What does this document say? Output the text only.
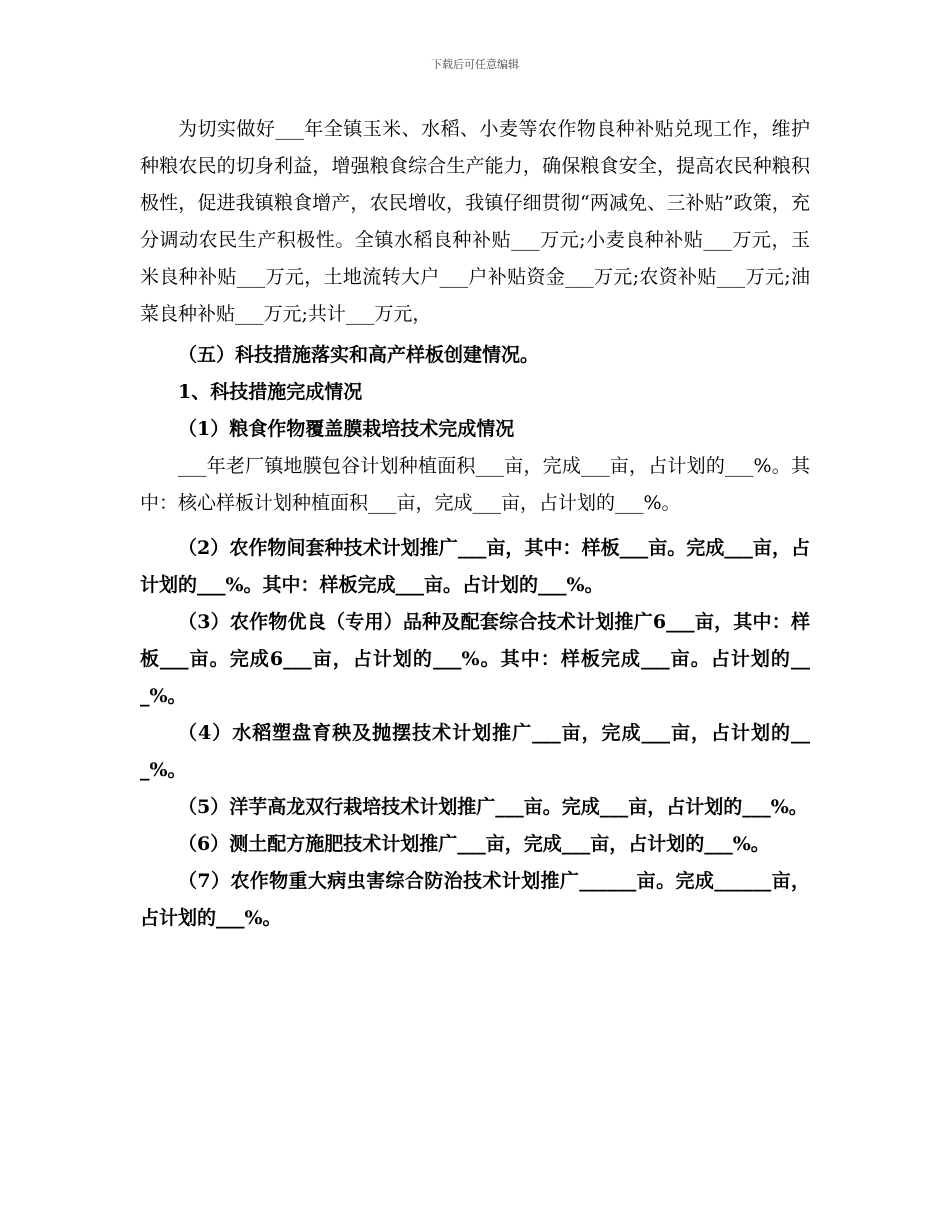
下载后可任意编辑

为切实做好___年全镇玉米、水稻、小麦等农作物良种补贴兑现工作，维护种粮农民的切身利益，增强粮食综合生产能力，确保粮食安全，提高农民种粮积极性，促进我镇粮食增产，农民增收，我镇仔细贯彻“两减免、三补贴”政策，充分调动农民生产积极性。全镇水稻良种补贴___万元;小麦良种补贴___万元，玉米良种补贴___万元，土地流转大户___户补贴资金___万元;农资补贴___万元;油菜良种补贴___万元;共计___万元，

（五）科技措施落实和高产样板创建情况。

1、科技措施完成情况

（1）粮食作物覆盖膜栽培技术完成情况

___年老厂镇地膜包谷计划种植面积___亩，完成___亩，占计划的___%。其中：核心样板计划种植面积___亩，完成___亩，占计划的___%。

（2）农作物间套种技术计划推广___亩，其中：样板___亩。完成___亩，占计划的___%。其中：样板完成___亩。占计划的___%。

（3）农作物优良（专用）品种及配套综合技术计划推广6___亩，其中：样板___亩。完成6___亩，占计划的___%。其中：样板完成___亩。占计划的___%。

（4）水稻塑盘育秧及抛摆技术计划推广___亩，完成___亩，占计划的___%。

（5）洋芋高龙双行栽培技术计划推广___亩。完成___亩，占计划的___%。

（6）测土配方施肥技术计划推广___亩，完成___亩，占计划的___%。

（7）农作物重大病虫害综合防治技术计划推广______亩。完成______亩，占计划的___%。
